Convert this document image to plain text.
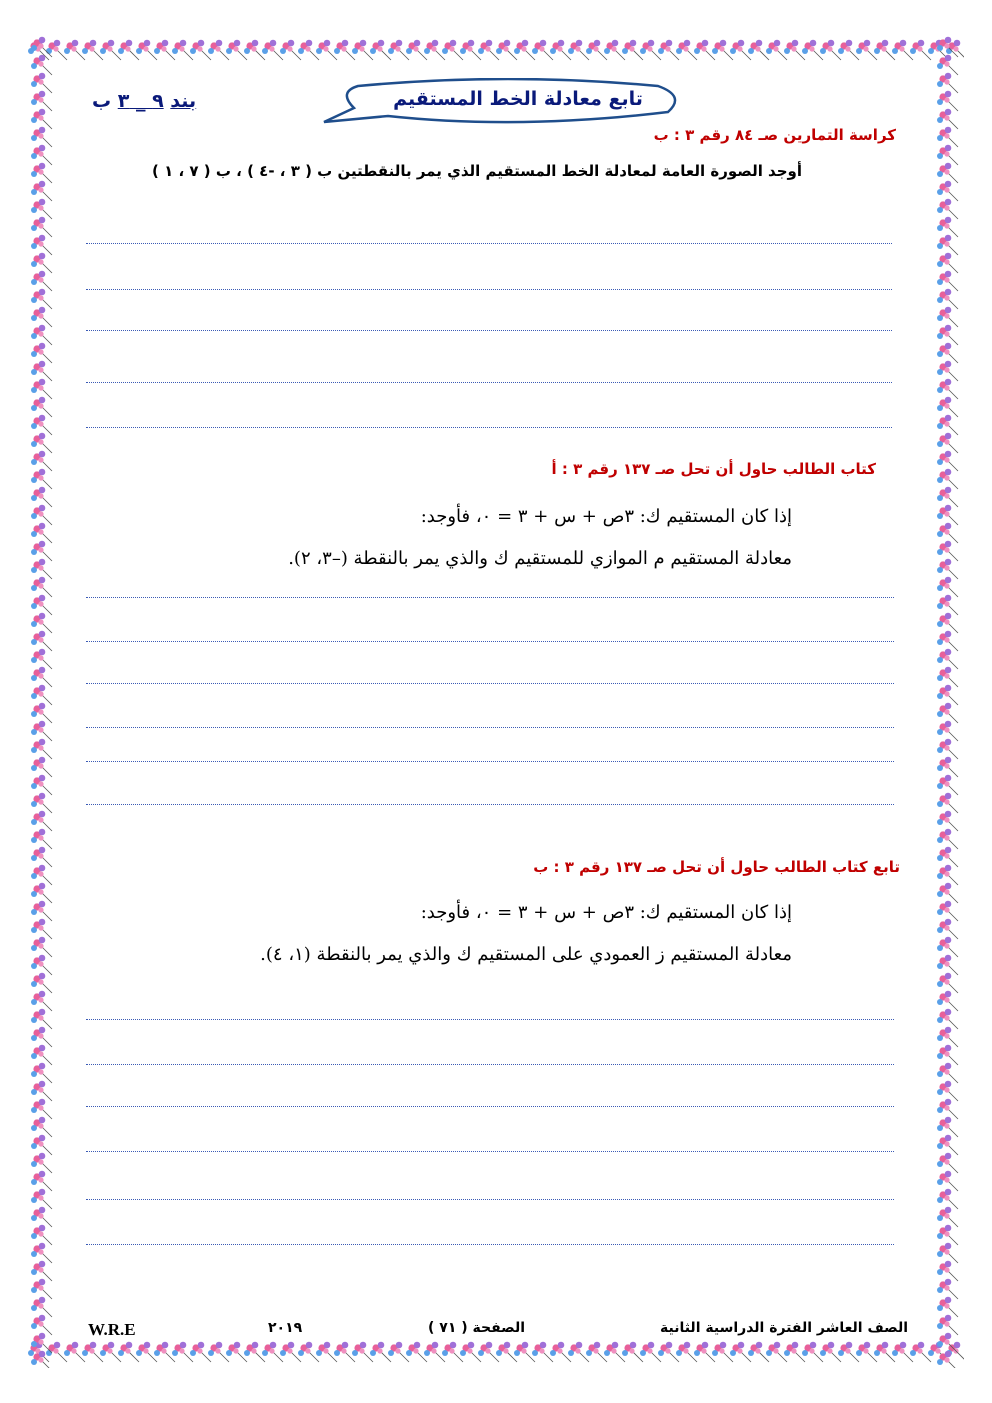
بند ٩ _ ٣ ب	تابع معادلة الخط المستقيم
كراسة التمارين صـ ٨٤ رقم ٣ : ب
أوجد الصورة العامة لمعادلة الخط المستقيم الذي يمر بالنقطتين ب ( ٣ ، -٤ ) ، ب ( ٧ ، ١ )
كتاب الطالب حاول أن تحل صـ ١٣٧ رقم ٣ : أ
إذا كان المستقيم ك: ٣ص + س + ٣ = ٠، فأوجد:
معادلة المستقيم م الموازي للمستقيم ك والذي يمر بالنقطة (–٣، ٢).
تابع كتاب الطالب حاول أن تحل صـ ١٣٧ رقم ٣ : ب
إذا كان المستقيم ك: ٣ص + س + ٣ = ٠، فأوجد:
معادلة المستقيم ز العمودي على المستقيم ك والذي يمر بالنقطة (١، ٤).
الصف العاشر الفترة الدراسية الثانية
الصفحة ( ٧١ )
٢٠١٩
W.R.E
